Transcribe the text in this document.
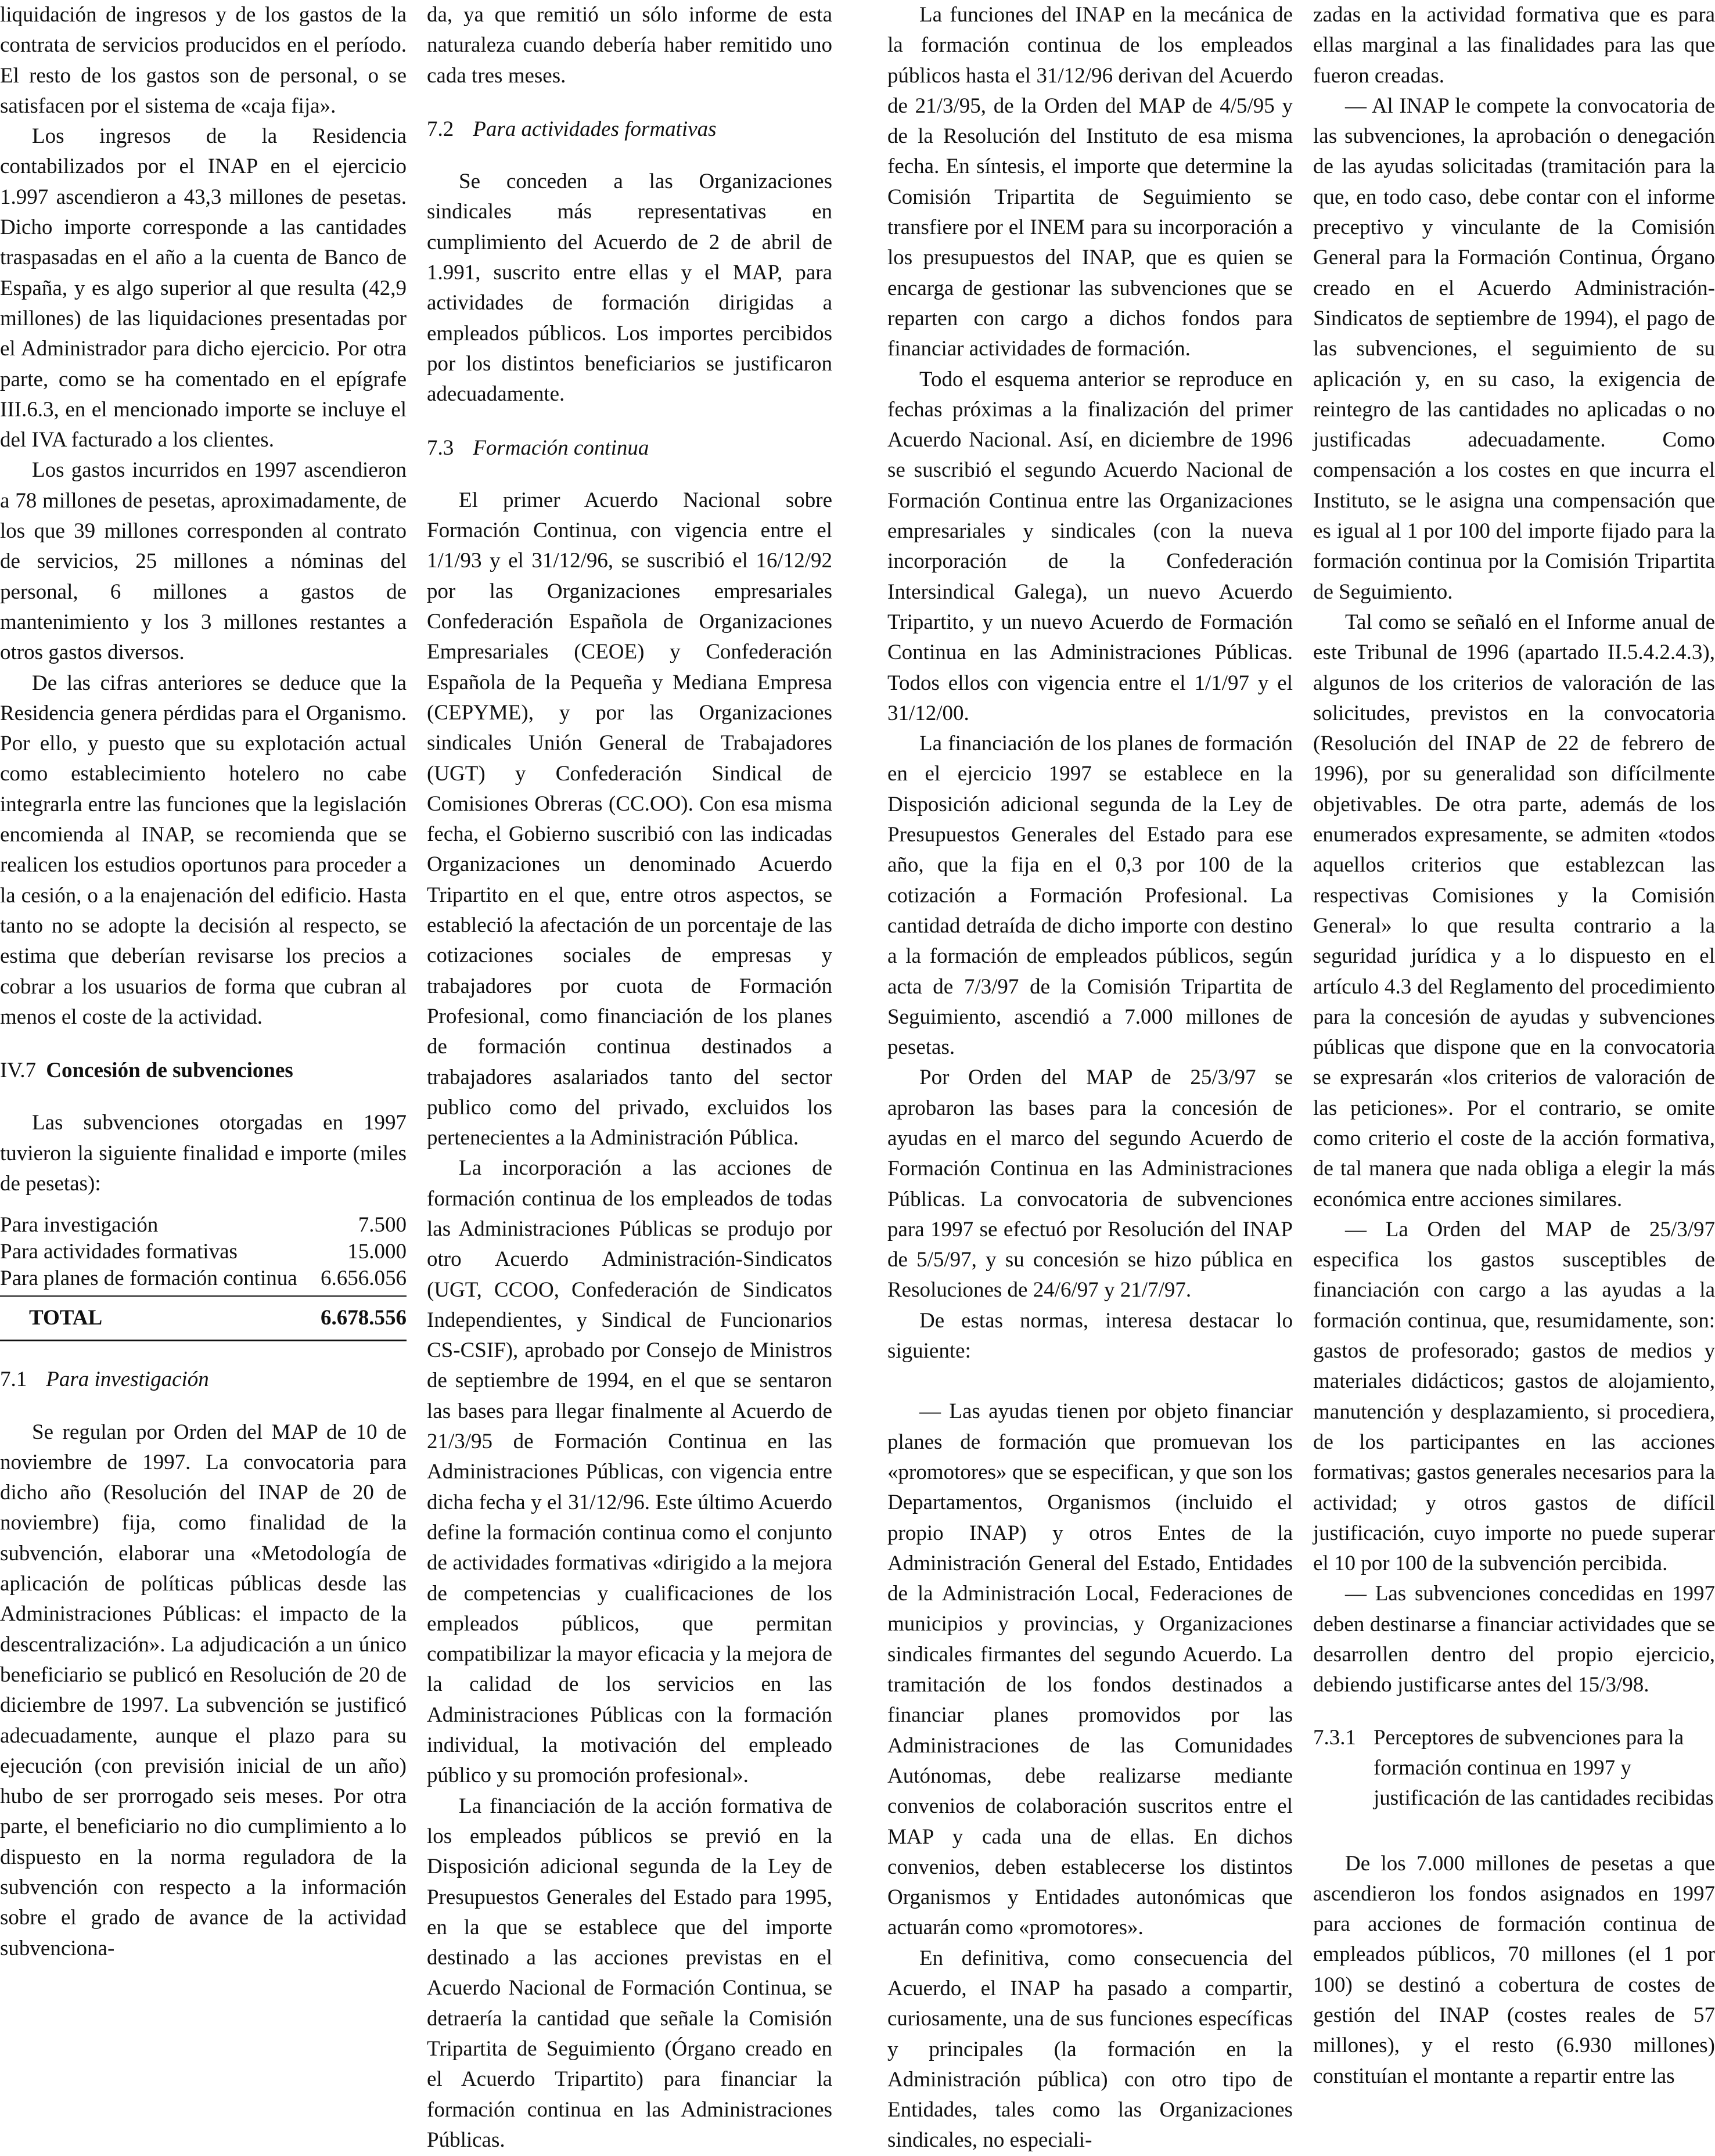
liquidación de ingresos y de los gastos de la contrata de servicios producidos en el período. El resto de los gastos son de personal, o se satisfacen por el sistema de «caja fija».

Los ingresos de la Residencia contabilizados por el INAP en el ejercicio 1.997 ascendieron a 43,3 millones de pesetas. Dicho importe corresponde a las cantidades traspasadas en el año a la cuenta de Banco de España, y es algo superior al que resulta (42,9 millones) de las liquidaciones presentadas por el Administrador para dicho ejercicio. Por otra parte, como se ha comentado en el epígrafe III.6.3, en el mencionado importe se incluye el del IVA facturado a los clientes.

Los gastos incurridos en 1997 ascendieron a 78 millones de pesetas, aproximadamente, de los que 39 millones corresponden al contrato de servicios, 25 millones a nóminas del personal, 6 millones a gastos de mantenimiento y los 3 millones restantes a otros gastos diversos.

De las cifras anteriores se deduce que la Residencia genera pérdidas para el Organismo. Por ello, y puesto que su explotación actual como establecimiento hotelero no cabe integrarla entre las funciones que la legislación encomienda al INAP, se recomienda que se realicen los estudios oportunos para proceder a la cesión, o a la enajenación del edificio. Hasta tanto no se adopte la decisión al respecto, se estima que deberían revisarse los precios a cobrar a los usuarios de forma que cubran al menos el coste de la actividad.

IV.7 Concesión de subvenciones

Las subvenciones otorgadas en 1997 tuvieron la siguiente finalidad e importe (miles de pesetas):

Para investigación	7.500
Para actividades formativas	15.000
Para planes de formación continua	6.656.056
TOTAL	6.678.556
7.1 Para investigación

Se regulan por Orden del MAP de 10 de noviembre de 1997. La convocatoria para dicho año (Resolución del INAP de 20 de noviembre) fija, como finalidad de la subvención, elaborar una «Metodología de aplicación de políticas públicas desde las Administraciones Públicas: el impacto de la descentralización». La adjudicación a un único beneficiario se publicó en Resolución de 20 de diciembre de 1997. La subvención se justificó adecuadamente, aunque el plazo para su ejecución (con previsión inicial de un año) hubo de ser prorrogado seis meses. Por otra parte, el beneficiario no dio cumplimiento a lo dispuesto en la norma reguladora de la subvención con respecto a la información sobre el grado de avance de la actividad subvenciona-

da, ya que remitió un sólo informe de esta naturaleza cuando debería haber remitido uno cada tres meses.

7.2 Para actividades formativas

Se conceden a las Organizaciones sindicales más representativas en cumplimiento del Acuerdo de 2 de abril de 1.991, suscrito entre ellas y el MAP, para actividades de formación dirigidas a empleados públicos. Los importes percibidos por los distintos beneficiarios se justificaron adecuadamente.

7.3 Formación continua

El primer Acuerdo Nacional sobre Formación Continua, con vigencia entre el 1/1/93 y el 31/12/96, se suscribió el 16/12/92 por las Organizaciones empresariales Confederación Española de Organizaciones Empresariales (CEOE) y Confederación Española de la Pequeña y Mediana Empresa (CEPYME), y por las Organizaciones sindicales Unión General de Trabajadores (UGT) y Confederación Sindical de Comisiones Obreras (CC.OO). Con esa misma fecha, el Gobierno suscribió con las indicadas Organizaciones un denominado Acuerdo Tripartito en el que, entre otros aspectos, se estableció la afectación de un porcentaje de las cotizaciones sociales de empresas y trabajadores por cuota de Formación Profesional, como financiación de los planes de formación continua destinados a trabajadores asalariados tanto del sector publico como del privado, excluidos los pertenecientes a la Administración Pública.

La incorporación a las acciones de formación continua de los empleados de todas las Administraciones Públicas se produjo por otro Acuerdo Administración-Sindicatos (UGT, CCOO, Confederación de Sindicatos Independientes, y Sindical de Funcionarios CS-CSIF), aprobado por Consejo de Ministros de septiembre de 1994, en el que se sentaron las bases para llegar finalmente al Acuerdo de 21/3/95 de Formación Continua en las Administraciones Públicas, con vigencia entre dicha fecha y el 31/12/96. Este último Acuerdo define la formación continua como el conjunto de actividades formativas «dirigido a la mejora de competencias y cualificaciones de los empleados públicos, que permitan compatibilizar la mayor eficacia y la mejora de la calidad de los servicios en las Administraciones Públicas con la formación individual, la motivación del empleado público y su promoción profesional».

La financiación de la acción formativa de los empleados públicos se previó en la Disposición adicional segunda de la Ley de Presupuestos Generales del Estado para 1995, en la que se establece que del importe destinado a las acciones previstas en el Acuerdo Nacional de Formación Continua, se detraería la cantidad que señale la Comisión Tripartita de Seguimiento (Órgano creado en el Acuerdo Tripartito) para financiar la formación continua en las Administraciones Públicas.

La funciones del INAP en la mecánica de la formación continua de los empleados públicos hasta el 31/12/96 derivan del Acuerdo de 21/3/95, de la Orden del MAP de 4/5/95 y de la Resolución del Instituto de esa misma fecha. En síntesis, el importe que determine la Comisión Tripartita de Seguimiento se transfiere por el INEM para su incorporación a los presupuestos del INAP, que es quien se encarga de gestionar las subvenciones que se reparten con cargo a dichos fondos para financiar actividades de formación.

Todo el esquema anterior se reproduce en fechas próximas a la finalización del primer Acuerdo Nacional. Así, en diciembre de 1996 se suscribió el segundo Acuerdo Nacional de Formación Continua entre las Organizaciones empresariales y sindicales (con la nueva incorporación de la Confederación Intersindical Galega), un nuevo Acuerdo Tripartito, y un nuevo Acuerdo de Formación Continua en las Administraciones Públicas. Todos ellos con vigencia entre el 1/1/97 y el 31/12/00.

La financiación de los planes de formación en el ejercicio 1997 se establece en la Disposición adicional segunda de la Ley de Presupuestos Generales del Estado para ese año, que la fija en el 0,3 por 100 de la cotización a Formación Profesional. La cantidad detraída de dicho importe con destino a la formación de empleados públicos, según acta de 7/3/97 de la Comisión Tripartita de Seguimiento, ascendió a 7.000 millones de pesetas.

Por Orden del MAP de 25/3/97 se aprobaron las bases para la concesión de ayudas en el marco del segundo Acuerdo de Formación Continua en las Administraciones Públicas. La convocatoria de subvenciones para 1997 se efectuó por Resolución del INAP de 5/5/97, y su concesión se hizo pública en Resoluciones de 24/6/97 y 21/7/97.

De estas normas, interesa destacar lo siguiente:

— Las ayudas tienen por objeto financiar planes de formación que promuevan los «promotores» que se especifican, y que son los Departamentos, Organismos (incluido el propio INAP) y otros Entes de la Administración General del Estado, Entidades de la Administración Local, Federaciones de municipios y provincias, y Organizaciones sindicales firmantes del segundo Acuerdo. La tramitación de los fondos destinados a financiar planes promovidos por las Administraciones de las Comunidades Autónomas, debe realizarse mediante convenios de colaboración suscritos entre el MAP y cada una de ellas. En dichos convenios, deben establecerse los distintos Organismos y Entidades autonómicas que actuarán como «promotores».

En definitiva, como consecuencia del Acuerdo, el INAP ha pasado a compartir, curiosamente, una de sus funciones específicas y principales (la formación en la Administración pública) con otro tipo de Entidades, tales como las Organizaciones sindicales, no especiali-

zadas en la actividad formativa que es para ellas marginal a las finalidades para las que fueron creadas.

— Al INAP le compete la convocatoria de las subvenciones, la aprobación o denegación de las ayudas solicitadas (tramitación para la que, en todo caso, debe contar con el informe preceptivo y vinculante de la Comisión General para la Formación Continua, Órgano creado en el Acuerdo Administración-Sindicatos de septiembre de 1994), el pago de las subvenciones, el seguimiento de su aplicación y, en su caso, la exigencia de reintegro de las cantidades no aplicadas o no justificadas adecuadamente. Como compensación a los costes en que incurra el Instituto, se le asigna una compensación que es igual al 1 por 100 del importe fijado para la formación continua por la Comisión Tripartita de Seguimiento.

Tal como se señaló en el Informe anual de este Tribunal de 1996 (apartado II.5.4.2.4.3), algunos de los criterios de valoración de las solicitudes, previstos en la convocatoria (Resolución del INAP de 22 de febrero de 1996), por su generalidad son difícilmente objetivables. De otra parte, además de los enumerados expresamente, se admiten «todos aquellos criterios que establezcan las respectivas Comisiones y la Comisión General» lo que resulta contrario a la seguridad jurídica y a lo dispuesto en el artículo 4.3 del Reglamento del procedimiento para la concesión de ayudas y subvenciones públicas que dispone que en la convocatoria se expresarán «los criterios de valoración de las peticiones». Por el contrario, se omite como criterio el coste de la acción formativa, de tal manera que nada obliga a elegir la más económica entre acciones similares.

— La Orden del MAP de 25/3/97 especifica los gastos susceptibles de financiación con cargo a las ayudas a la formación continua, que, resumidamente, son: gastos de profesorado; gastos de medios y materiales didácticos; gastos de alojamiento, manutención y desplazamiento, si procediera, de los participantes en las acciones formativas; gastos generales necesarios para la actividad; y otros gastos de difícil justificación, cuyo importe no puede superar el 10 por 100 de la subvención percibida.

— Las subvenciones concedidas en 1997 deben destinarse a financiar actividades que se desarrollen dentro del propio ejercicio, debiendo justificarse antes del 15/3/98.

7.3.1 Perceptores de subvenciones para la formación continua en 1997 y justificación de las cantidades recibidas

De los 7.000 millones de pesetas a que ascendieron los fondos asignados en 1997 para acciones de formación continua de empleados públicos, 70 millones (el 1 por 100) se destinó a cobertura de costes de gestión del INAP (costes reales de 57 millones), y el resto (6.930 millones) constituían el montante a repartir entre las
